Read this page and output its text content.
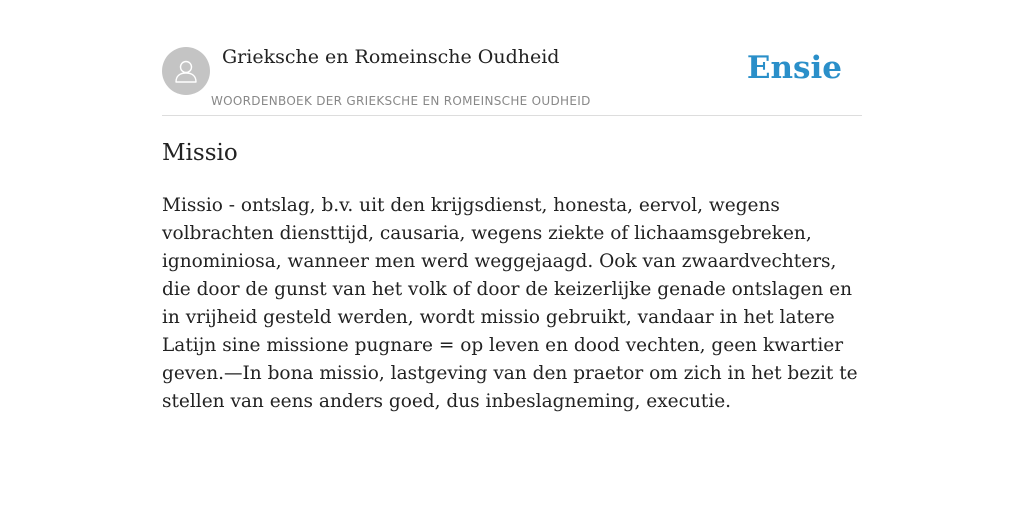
Grieksche en Romeinsche Oudheid
WOORDENBOEK DER GRIEKSCHE EN ROMEINSCHE OUDHEID
Ensie
Missio

Missio - ontslag, b.v. uit den krijgsdienst, honesta, eervol, wegens volbrachten diensttijd, causaria, wegens ziekte of lichaamsgebreken, ignominiosa, wanneer men werd weggejaagd. Ook van zwaardvechters, die door de gunst van het volk of door de keizerlijke genade ontslagen en in vrijheid gesteld werden, wordt missio gebruikt, vandaar in het latere Latijn sine missione pugnare = op leven en dood vechten, geen kwartier geven.—In bona missio, lastgeving van den praetor om zich in het bezit te stellen van eens anders goed, dus inbeslagneming, executie.
